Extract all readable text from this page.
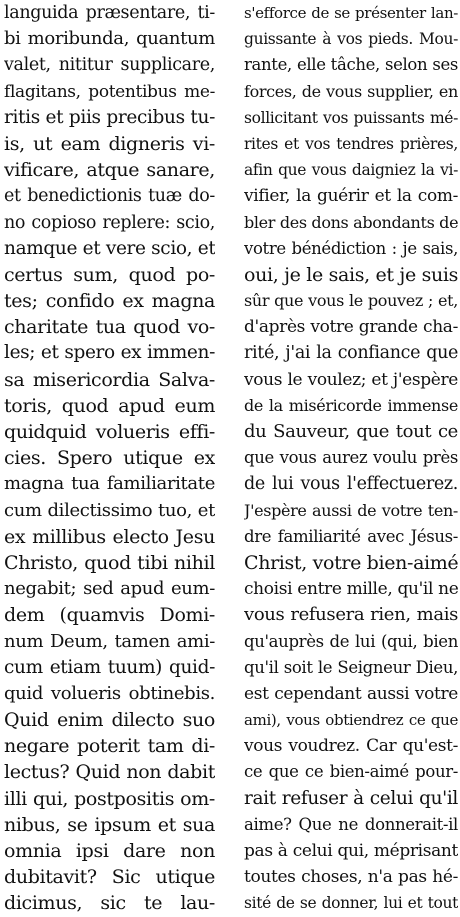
languida præsentare, ti-
bi moribunda, quantum
valet, nititur supplicare,
flagitans, potentibus me-
ritis et piis precibus tu-
is, ut eam digneris vi-
vificare, atque sanare,
et benedictionis tuæ do-
no copioso replere: scio,
namque et vere scio, et
certus sum, quod po-
tes; confido ex magna
charitate tua quod vo-
les; et spero ex immen-
sa misericordia Salva-
toris, quod apud eum
quidquid volueris effi-
cies. Spero utique ex
magna tua familiaritate
cum dilectissimo tuo, et
ex millibus electo Jesu
Christo, quod tibi nihil
negabit; sed apud eum-
dem (quamvis Domi-
num Deum, tamen ami-
cum etiam tuum) quid-
quid volueris obtinebis.
Quid enim dilecto suo
negare poterit tam di-
lectus? Quid non dabit
illi qui, postpositis om-
nibus, se ipsum et sua
omnia ipsi dare non
dubitavit? Sic utique
dicimus, sic te lau-
s'efforce de se présenter lan-
guissante à vos pieds. Mou-
rante, elle tâche, selon ses
forces, de vous supplier, en
sollicitant vos puissants mé-
rites et vos tendres prières,
afin que vous daigniez la vi-
vifier, la guérir et la com-
bler des dons abondants de
votre bénédiction : je sais,
oui, je le sais, et je suis
sûr que vous le pouvez ; et,
d'après votre grande cha-
rité, j'ai la confiance que
vous le voulez; et j'espère
de la miséricorde immense
du Sauveur, que tout ce
que vous aurez voulu près
de lui vous l'effectuerez.
J'espère aussi de votre ten-
dre familiarité avec Jésus-
Christ, votre bien-aimé
choisi entre mille, qu'il ne
vous refusera rien, mais
qu'auprès de lui (qui, bien
qu'il soit le Seigneur Dieu,
est cependant aussi votre
ami), vous obtiendrez ce que
vous voudrez. Car qu'est-
ce que ce bien-aimé pour-
rait refuser à celui qu'il
aime? Que ne donnerait-il
pas à celui qui, méprisant
toutes choses, n'a pas hé-
sité de se donner, lui et tout
